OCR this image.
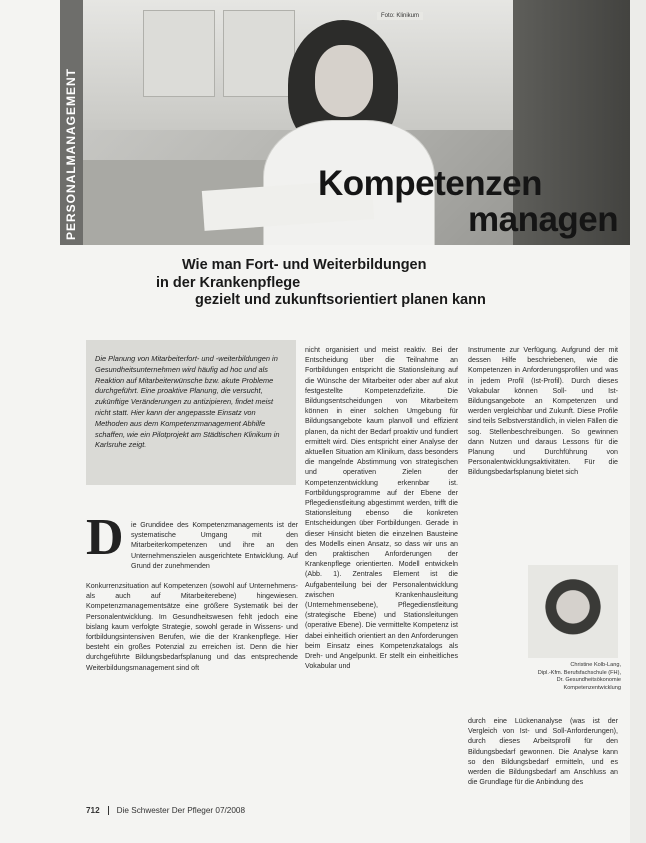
PERSONALMANAGEMENT
Foto: Klinikum
Kompetenzen
managen
Wie man Fort- und Weiterbildungen
in der Krankenpflege
gezielt und zukunftsorientiert planen kann

Die Planung von Mitarbeiterfort- und -weiterbildungen in Gesundheitsunternehmen wird häufig ad hoc und als Reaktion auf Mitarbeiterwünsche bzw. akute Probleme durchgeführt. Eine proaktive Planung, die versucht, zukünftige Veränderungen zu antizipieren, findet meist nicht statt. Hier kann der angepasste Einsatz von Methoden aus dem Kompetenzmanagement Abhilfe schaffen, wie ein Pilotprojekt am Städtischen Klinikum in Karlsruhe zeigt.

D	ie Grundidee des Kompetenzmanagements ist der systematische Umgang mit den Mitarbeiterkompetenzen und ihre an den Unternehmenszielen ausgerichtete Entwicklung. Auf Grund der zunehmenden

Konkurrenzsituation auf Kompetenzen (sowohl auf Unternehmens- als auch auf Mitarbeiterebene) hingewiesen. Kompetenzmanagementsätze eine größere Systematik bei der Personalentwicklung. Im Gesundheitswesen fehlt jedoch eine bislang kaum verfolgte Strategie, sowohl gerade in Wissens- und fortbildungsintensiven Berufen, wie die der Krankenpflege. Hier besteht ein großes Potenzial zu erreichen ist. Denn die hier durchgeführte Bildungsbedarfsplanung und das entsprechende Weiterbildungsmanagement sind oft

nicht organisiert und meist reaktiv. Bei der Entscheidung über die Teilnahme an Fortbildungen entspricht die Stationsleitung auf die Wünsche der Mitarbeiter oder aber auf akut festgestellte Kompetenzdefizite. Die Bildungsentscheidungen von Mitarbeitern können in einer solchen Umgebung für Bildungsangebote kaum planvoll und effizient planen, da nicht der Bedarf proaktiv und fundiert ermittelt wird. Dies entspricht einer Analyse der aktuellen Situation am Klinikum, dass besonders die mangelnde Abstimmung von strategischen und operativen Zielen der Kompetenzentwicklung erkennbar ist. Fortbildungsprogramme auf der Ebene der Pflegedienstleitung abgestimmt werden, trifft die Stationsleitung ebenso die konkreten Entscheidungen über Fortbildungen. Gerade in dieser Hinsicht bieten die einzelnen Bausteine des Modells einen Ansatz, so dass wir uns an den praktischen Anforderungen der Krankenpflege orientierten. Modell entwickeln (Abb. 1). Zentrales Element ist die Aufgabenteilung bei der Personalentwicklung zwischen Krankenhausleitung (Unternehmensebene), Pflegedienstleitung (strategische Ebene) und Stationsleitungen (operative Ebene). Die vermittelte Kompetenz ist dabei einheitlich orientiert an den Anforderungen beim Einsatz eines Kompetenzkatalogs als Dreh- und Angelpunkt. Er stellt ein einheitliches Vokabular und

Instrumente zur Verfügung. Aufgrund der mit dessen Hilfe beschriebenen, wie die Kompetenzen in Anforderungsprofilen und was in jedem Profil (Ist-Profil). Durch dieses Vokabular können Soll- und Ist-Bildungsangebote an Kompetenzen und werden vergleichbar und Zukunft. Diese Profile sind teils Selbstverständlich, in vielen Fällen die sog. Stellenbeschreibungen. So gewinnen dann Nutzen und daraus Lessons für die Planung und Durchführung von Personalentwicklungsaktivitäten. Für die Bildungsbedarfsplanung bietet sich

Christine Kolb-Lang,
Dipl.-Kfm. Berufsfachschule (FH),
Dr. Gesundheitsökonomie
Kompetenzentwicklung

durch eine Lückenanalyse (was ist der Vergleich von Ist- und Soll-Anforderungen), durch dieses Arbeitsprofil für den Bildungsbedarf gewonnen. Die Analyse kann so den Bildungsbedarf ermitteln, und es werden die Bildungsbedarf am Anschluss an die Grundlage für die Anbindung des

712 Die Schwester Der Pfleger 07/2008
